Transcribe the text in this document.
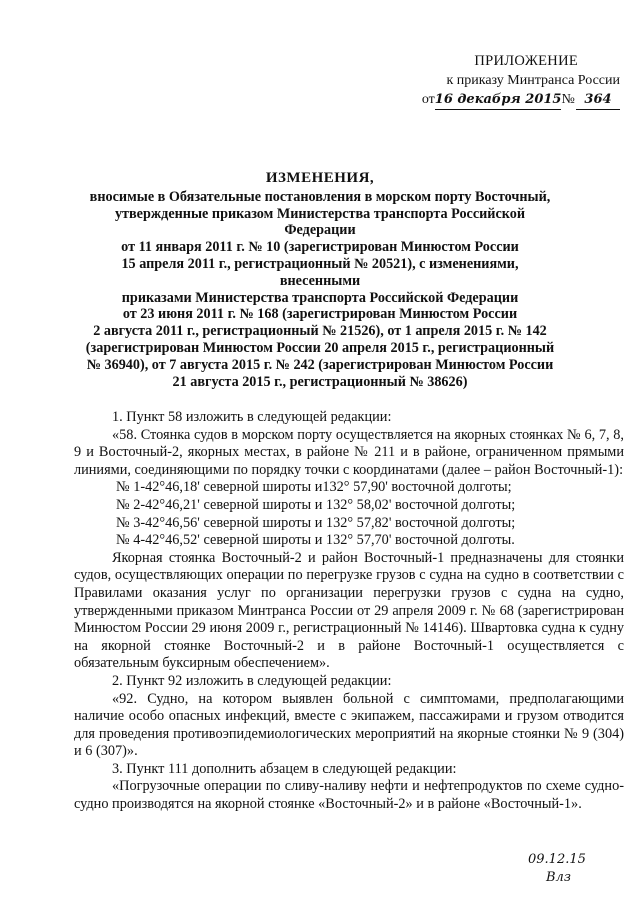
ПРИЛОЖЕНИЕ
к приказу Минтранса России
от16 декабря 2015№  364
ИЗМЕНЕНИЯ,
вносимые в Обязательные постановления в морском порту Восточный,
утвержденные приказом Министерства транспорта Российской Федерации
от 11 января 2011 г. № 10 (зарегистрирован Минюстом России
15 апреля 2011 г., регистрационный № 20521), с изменениями, внесенными
приказами Министерства транспорта Российской Федерации
от 23 июня 2011 г. № 168 (зарегистрирован Минюстом России
2 августа 2011 г., регистрационный № 21526), от 1 апреля 2015 г. № 142
(зарегистрирован Минюстом России 20 апреля 2015 г., регистрационный
№ 36940), от 7 августа 2015 г. № 242 (зарегистрирован Минюстом России
21 августа 2015 г., регистрационный № 38626)

1. Пункт 58 изложить в следующей редакции:

«58. Стоянка судов в морском порту осуществляется на якорных стоянках № 6, 7, 8, 9 и Восточный-2, якорных местах, в районе № 211 и в районе, ограниченном прямыми линиями, соединяющими по порядку точки с координатами (далее – район Восточный-1):

№ 1-42°46,18' северной широты и132° 57,90' восточной долготы;

№ 2-42°46,21' северной широты и 132° 58,02' восточной долготы;

№ 3-42°46,56' северной широты и 132° 57,82' восточной долготы;

№ 4-42°46,52' северной широты и 132° 57,70' восточной долготы.

Якорная стоянка Восточный-2 и район Восточный-1 предназначены для стоянки судов, осуществляющих операции по перегрузке грузов с судна на судно в соответствии с Правилами оказания услуг по организации перегрузки грузов с судна на судно, утвержденными приказом Минтранса России от 29 апреля 2009 г. № 68 (зарегистрирован Минюстом России 29 июня 2009 г., регистрационный № 14146). Швартовка судна к судну на якорной стоянке Восточный-2 и в районе Восточный-1 осуществляется с обязательным буксирным обеспечением».

2. Пункт 92 изложить в следующей редакции:

«92. Судно, на котором выявлен больной с симптомами, предполагающими наличие особо опасных инфекций, вместе с экипажем, пассажирами и грузом отводится для проведения противоэпидемиологических мероприятий на якорные стоянки № 9 (304) и 6 (307)».

3. Пункт 111 дополнить абзацем в следующей редакции:

«Погрузочные операции по сливу-наливу нефти и нефтепродуктов по схеме судно-судно производятся на якорной стоянке «Восточный-2» и в районе «Восточный-1».

09.12.15
Влз
